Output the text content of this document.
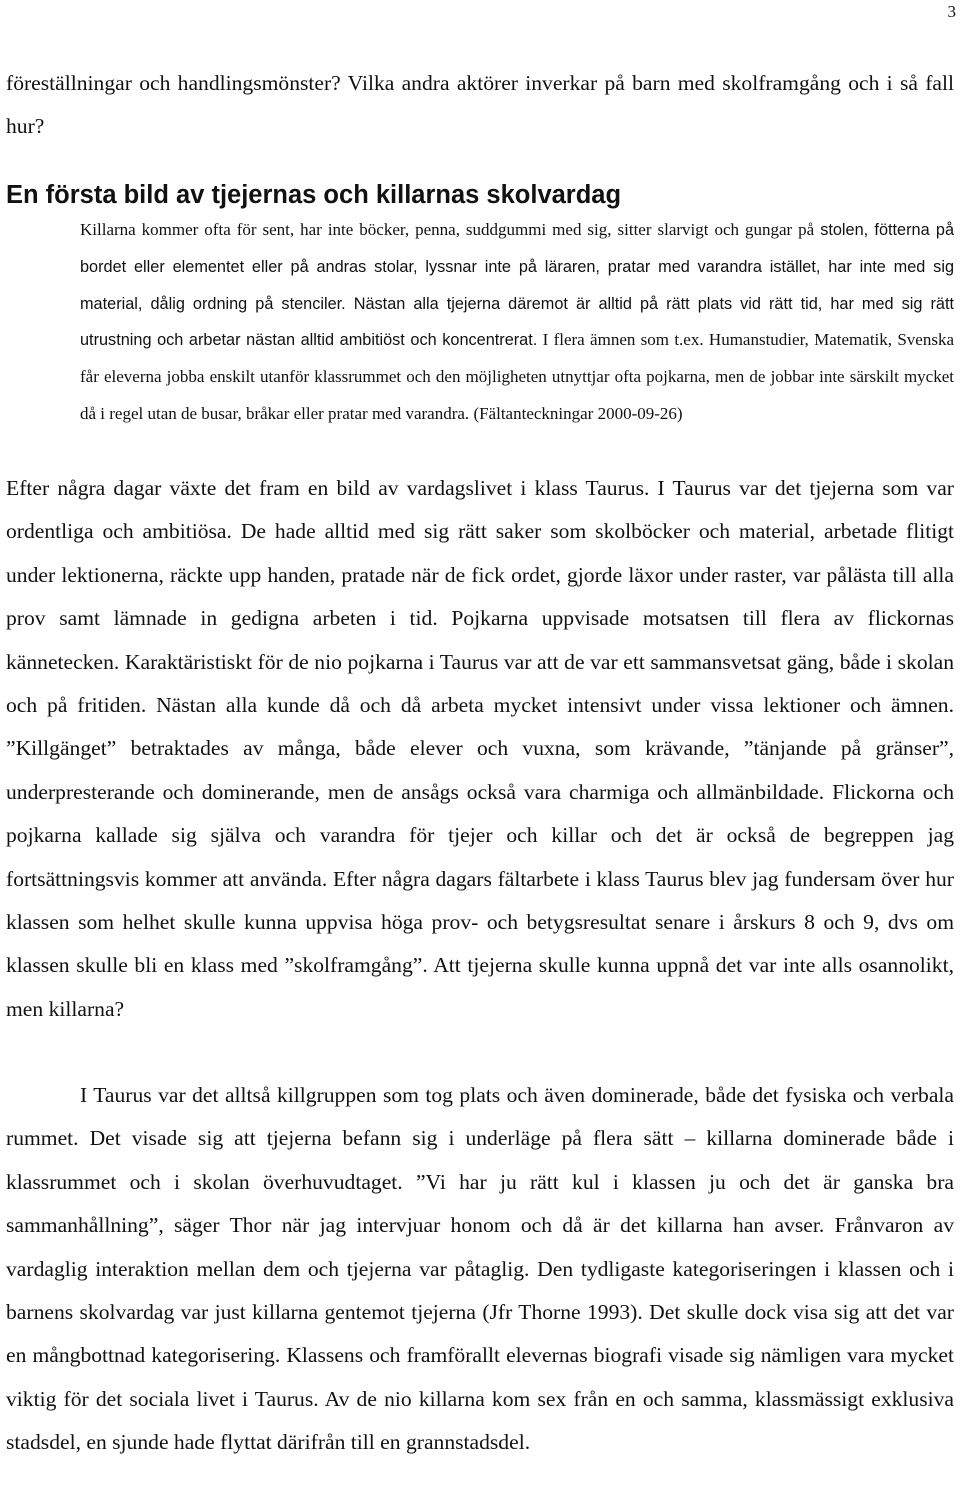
3

föreställningar och handlingsmönster? Vilka andra aktörer inverkar på barn med skolframgång och i så fall hur?

En första bild av tjejernas och killarnas skolvardag

Killarna kommer ofta för sent, har inte böcker, penna, suddgummi med sig, sitter slarvigt och gungar på stolen, fötterna på bordet eller elementet eller på andras stolar, lyssnar inte på läraren, pratar med varandra istället, har inte med sig material, dålig ordning på stenciler. Nästan alla tjejerna däremot är alltid på rätt plats vid rätt tid, har med sig rätt utrustning och arbetar nästan alltid ambitiöst och koncentrerat. I flera ämnen som t.ex. Humanstudier, Matematik, Svenska får eleverna jobba enskilt utanför klassrummet och den möjligheten utnyttjar ofta pojkarna, men de jobbar inte särskilt mycket då i regel utan de busar, bråkar eller pratar med varandra. (Fältanteckningar 2000-09-26)

Efter några dagar växte det fram en bild av vardagslivet i klass Taurus. I Taurus var det tjejerna som var ordentliga och ambitiösa. De hade alltid med sig rätt saker som skolböcker och material, arbetade flitigt under lektionerna, räckte upp handen, pratade när de fick ordet, gjorde läxor under raster, var pålästa till alla prov samt lämnade in gedigna arbeten i tid. Pojkarna uppvisade motsatsen till flera av flickornas kännetecken. Karaktäristiskt för de nio pojkarna i Taurus var att de var ett sammansvetsat gäng, både i skolan och på fritiden. Nästan alla kunde då och då arbeta mycket intensivt under vissa lektioner och ämnen. ”Killgänget” betraktades av många, både elever och vuxna, som krävande, ”tänjande på gränser”, underpresterande och dominerande, men de ansågs också vara charmiga och allmänbildade. Flickorna och pojkarna kallade sig själva och varandra för tjejer och killar och det är också de begreppen jag fortsättningsvis kommer att använda. Efter några dagars fältarbete i klass Taurus blev jag fundersam över hur klassen som helhet skulle kunna uppvisa höga prov- och betygsresultat senare i årskurs 8 och 9, dvs om klassen skulle bli en klass med ”skolframgång”. Att tjejerna skulle kunna uppnå det var inte alls osannolikt, men killarna?

I Taurus var det alltså killgruppen som tog plats och även dominerade, både det fysiska och verbala rummet. Det visade sig att tjejerna befann sig i underläge på flera sätt – killarna dominerade både i klassrummet och i skolan överhuvudtaget. ”Vi har ju rätt kul i klassen ju och det är ganska bra sammanhållning”, säger Thor när jag intervjuar honom och då är det killarna han avser. Frånvaron av vardaglig interaktion mellan dem och tjejerna var påtaglig. Den tydligaste kategoriseringen i klassen och i barnens skolvardag var just killarna gentemot tjejerna (Jfr Thorne 1993). Det skulle dock visa sig att det var en mångbottnad kategorisering. Klassens och framförallt elevernas biografi visade sig nämligen vara mycket viktig för det sociala livet i Taurus. Av de nio killarna kom sex från en och samma, klassmässigt exklusiva stadsdel, en sjunde hade flyttat därifrån till en grannstadsdel.
